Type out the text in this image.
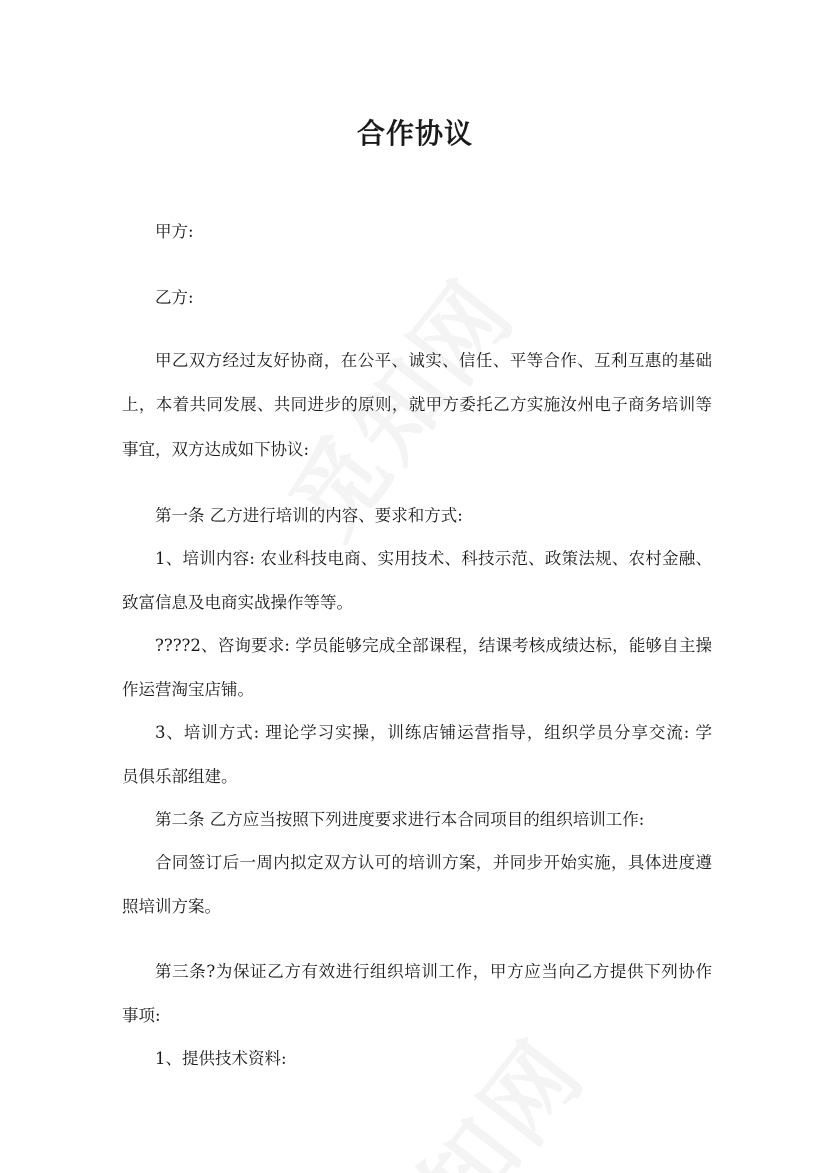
合作协议

甲方:

乙方:

甲乙双方经过友好协商，在公平、诚实、信任、平等合作、互利互惠的基础

上，本着共同发展、共同进步的原则，就甲方委托乙方实施汝州电子商务培训等

事宜，双方达成如下协议:

第一条 乙方进行培训的内容、要求和方式:

1、培训内容: 农业科技电商、实用技术、科技示范、政策法规、农村金融、

致富信息及电商实战操作等等。

????2、咨询要求: 学员能够完成全部课程，结课考核成绩达标，能够自主操

作运营淘宝店铺。

3、培训方式: 理论学习实操，训练店铺运营指导，组织学员分享交流: 学

员俱乐部组建。

第二条 乙方应当按照下列进度要求进行本合同项目的组织培训工作:

合同签订后一周内拟定双方认可的培训方案，并同步开始实施，具体进度遵

照培训方案。

第三条?为保证乙方有效进行组织培训工作，甲方应当向乙方提供下列协作

事项:

1、提供技术资料:
